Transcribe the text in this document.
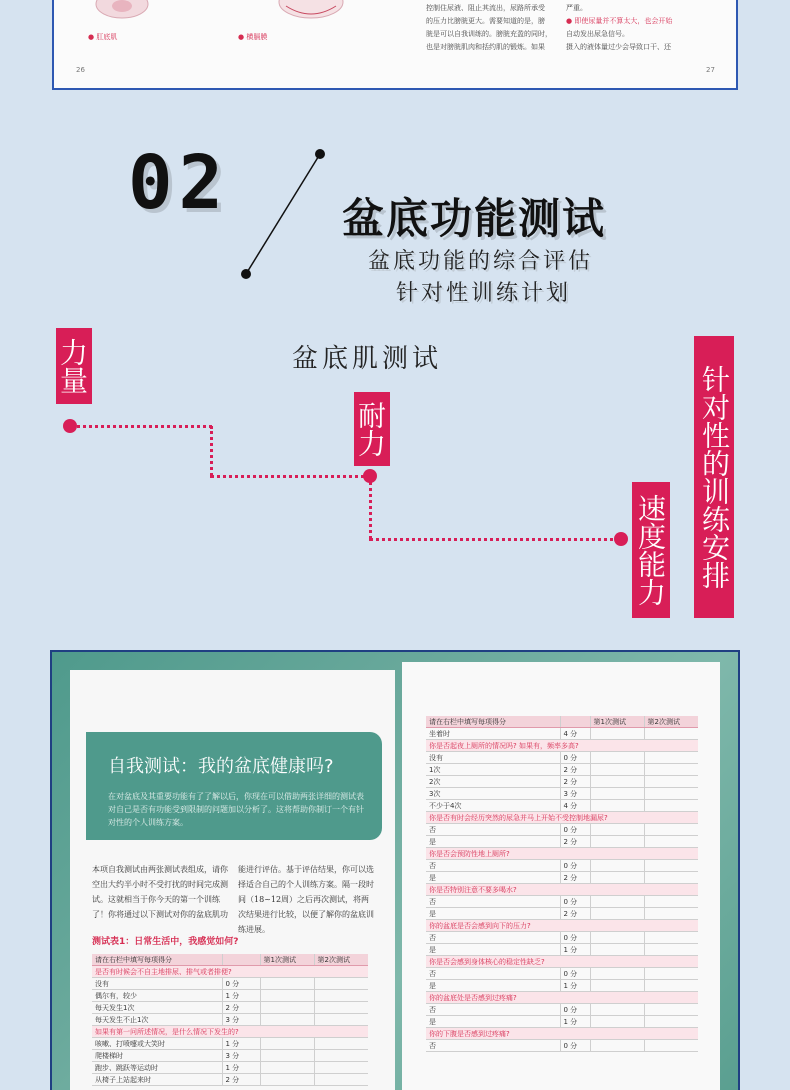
● 肛底肌	● 横膈膜
控制住尿液、阻止其流出，尿路所承受
的压力比膀胱更大。需要知道的是，膀
胱是可以自我训练的。膀胱充盈的同时，
也是对膀胱肌肉和括约肌的锻炼。如果
严重。
● 即使尿量并不算太大，也会开始
自动发出尿急信号。
摄入的液体量过少会导致口干、还
26	27
02	盆底功能测试
盆底功能的综合评估
针对性训练计划
盆底肌测试
力量
耐力
速度能力 针对性的训练安排
自我测试：我的盆底健康吗?
在对盆底及其重要功能有了了解以后，你现在可以借助两张详细的测试表对自己是否有功能受到限制的问题加以分析了。这将帮助你制订一个有针对性的个人训练方案。
本项自我测试由两张测试表组成，请你空出大约半小时不受打扰的时间完成测试。这就相当于你今天的第一个训练了！你将通过以下测试对你的盆底肌功
能进行评估。基于评估结果，你可以选择适合自己的个人训练方案。隔一段时间（18~12周）之后再次测试，将两次结果进行比较，以便了解你的盆底训练进展。
测试表1：日常生活中，我感觉如何?
请在右栏中填写每项得分		第1次测试	第2次测试
是否有时候会不自主地排尿、排气或者排便?			
没有	0 分		
偶尔有，较少	1 分		
每天发生1次	2 分		
每天发生不止1次	3 分		
如果有第一问所述情况，是什么情况下发生的?			
咳嗽、打喷嚏或大笑时	1 分		
爬楼梯时	3 分		
跑步、跳跃等运动时	1 分		
从椅子上站起来时	2 分		
请在右栏中填写每项得分		第1次测试	第2次测试
坐着时	4 分		
你是否起夜上厕所的情况吗? 如果有，频率多高?			
没有	0 分		
1次	2 分		
2次	2 分		
3次	3 分		
不少于4次	4 分		
你是否有时会经历突然的尿急并马上开始不受控制地漏尿?			
否	0 分		
是	2 分		
你是否会预防性地上厕所?			
否	0 分		
是	2 分		
你是否特别注意不要多喝水?			
否	0 分		
是	2 分		
你的盆底是否会感到向下的压力?			
否	0 分		
是	1 分		
你是否会感到身体核心的稳定性缺乏?			
否	0 分		
是	1 分		
你的盆底处是否感到过疼痛?			
否	0 分		
是	1 分		
你的下腹是否感到过疼痛?			
否	0 分		
